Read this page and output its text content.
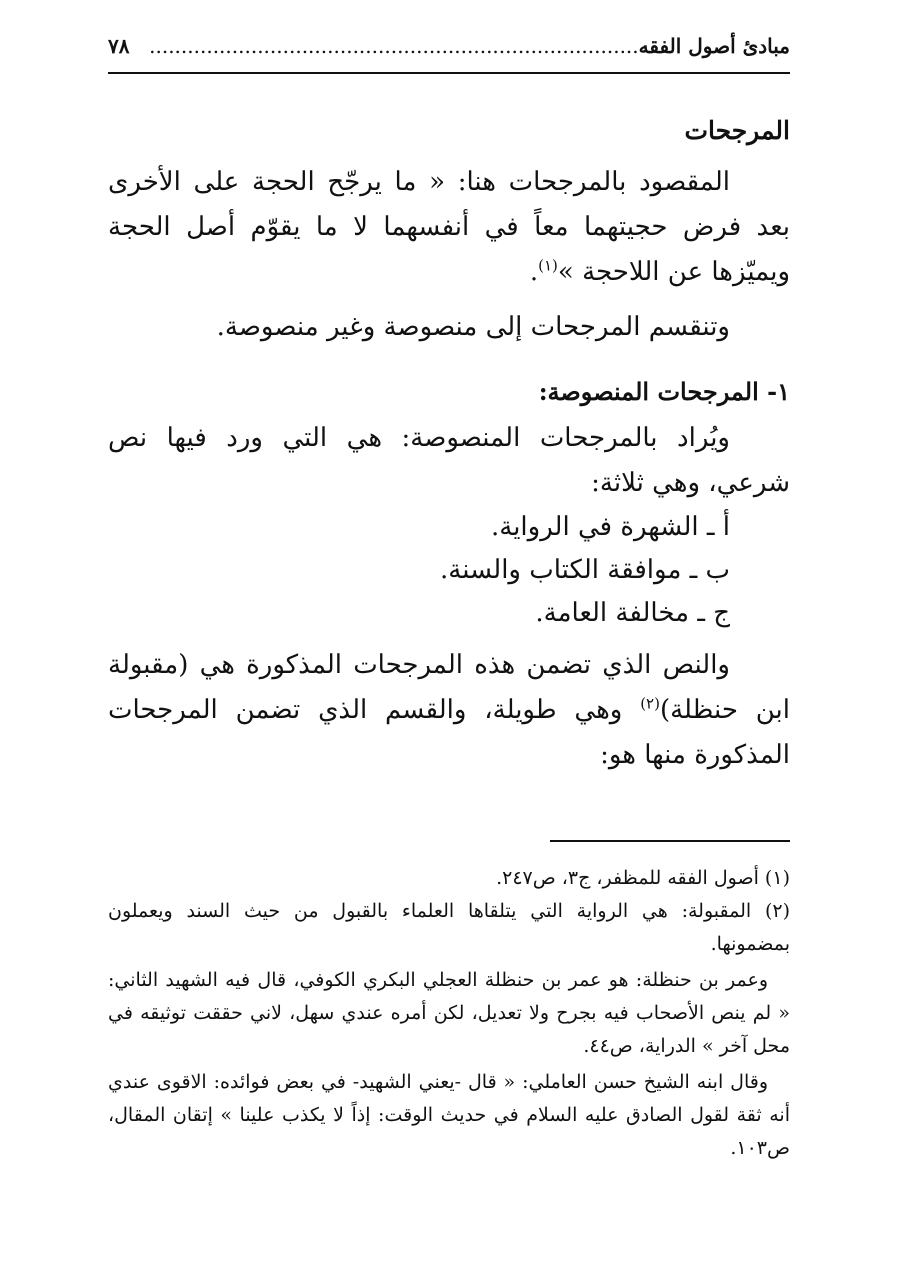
مبادئ أصول الفقه.............................................................................
٧٨
المرجحات

المقصود بالمرجحات هنا: « ما يرجّح الحجة على الأخرى بعد فرض حجيتهما معاً في أنفسهما لا ما يقوّم أصل الحجة ويميّزها عن اللاحجة »$^{(١)}$.

وتنقسم المرجحات إلى منصوصة وغير منصوصة.

١- المرجحات المنصوصة:

ويُراد بالمرجحات المنصوصة: هي التي ورد فيها نص شرعي، وهي ثلاثة:

أ ـ الشهرة في الرواية.
ب ـ موافقة الكتاب والسنة.
ج ـ مخالفة العامة.

والنص الذي تضمن هذه المرجحات المذكورة هي (مقبولة ابن حنظلة)$^{(٢)}$ وهي طويلة، والقسم الذي تضمن المرجحات المذكورة منها هو:

(١) أصول الفقه للمظفر، ج٣، ص٢٤٧.

(٢) المقبولة: هي الرواية التي يتلقاها العلماء بالقبول من حيث السند ويعملون بمضمونها.

وعمر بن حنظلة: هو عمر بن حنظلة العجلي البكري الكوفي، قال فيه الشهيد الثاني: « لم ينص الأصحاب فيه بجرح ولا تعديل، لكن أمره عندي سهل، لاني حققت توثيقه في محل آخر » الدراية، ص٤٤.

وقال ابنه الشيخ حسن العاملي: « قال -يعني الشهيد- في بعض فوائده: الاقوى عندي أنه ثقة لقول الصادق عليه السلام في حديث الوقت: إذاً لا يكذب علينا » إتقان المقال، ص١٠٣.
